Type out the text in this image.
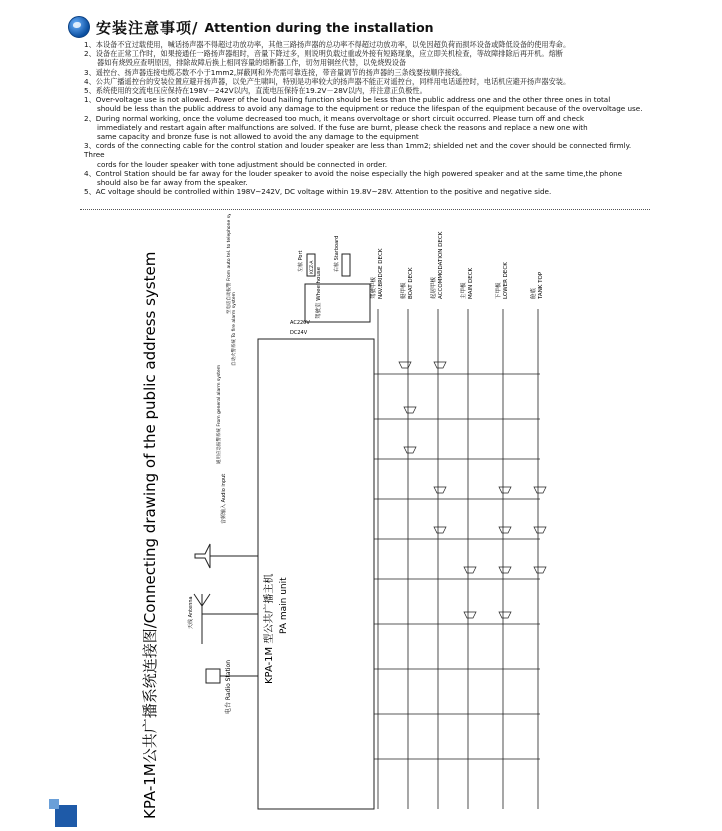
安装注意事项/ Attention during the installation

1、本设备不宜过载使用，喊话扬声器不得超过功放功率，其他三路扬声器的总功率不得超过功放功率，以免因超负荷而损坏设备或降低设备的使用寿命。

2、设备在正常工作时，如果接通任一路扬声器组时，音量下降过多，则说明负载过重或外接有短路现象，应立即关机检查，等故障排除后再开机。熔断

器如有烧毁应查明原因，排除故障后换上相同容量的熔断器工作，切勿用铜丝代替，以免烧毁设备

3、遥控台、扬声器连接电缆芯数不小于1mm2,屏蔽网和外壳需可靠连接，带音量调节的扬声器的三条线要按顺序接线。

4、公共广播遥控台的安装位置应避开扬声器，以免产生啸叫，特别是功率较大的扬声器不能正对遥控台，同样用电话遥控时，电话机应避开扬声器安装。

5、系统使用的交流电压应保持在198V－242V以内，直流电压保持在19.2V－28V以内，并注意正负极性。

1、Over-voltage use is not allowed. Power of the loud hailing function should be less than the public address one and the other three ones in total

should be less than the public address to avoid any damage to the equipment or reduce the lifespan of the equipment because of the overvoltage use.

2、During normal working, once the volume decreased too much, it means overvoltage or short circuit occurred. Please turn off and check

immediately and restart again after malfunctions are solved. If the fuse are burnt, please check the reasons and replace a new one with

same capacity and bronze fuse is not allowed to avoid the any damage to the equipment

3、cords of the connecting cable for the control station and louder speaker are less than 1mm2; shielded net and the cover should be connected firmly. Three

cords for the louder speaker with tone adjustment should be connected in order.

4、Control Station should be far away for the louder speaker to avoid the noise especially the high powered speaker and at the same time,the phone

should also be far away from the speaker.

5、AC voltage should be controlled within 198V~242V, DC voltage within 19.8V~28V. Attention to the positive and negative side.

KPA-1M公共广播系统连接图/Connecting drawing of the public address system	KPA-1M 型公共广播主机 PA main unit
天线 Antenna
电台 Radio Station
音频输入 Audio input
通用应急报警系统 From general alarm system
自动火警系统 To fire alarm system
至电话自动报警 From auto tel. to telephone system
AC220V
DC24V
驾驶室 Wheelhouse
KCZ-A
左舷 Port	右舷 Starboard
驾驶甲板 NAV.BRIDGE DECK	艇甲板 BOAT DECK	起居甲板 ACCOMMODATION DECK	主甲板 MAIN DECK	下甲板 LOWER DECK	舱底 TANK TOP
